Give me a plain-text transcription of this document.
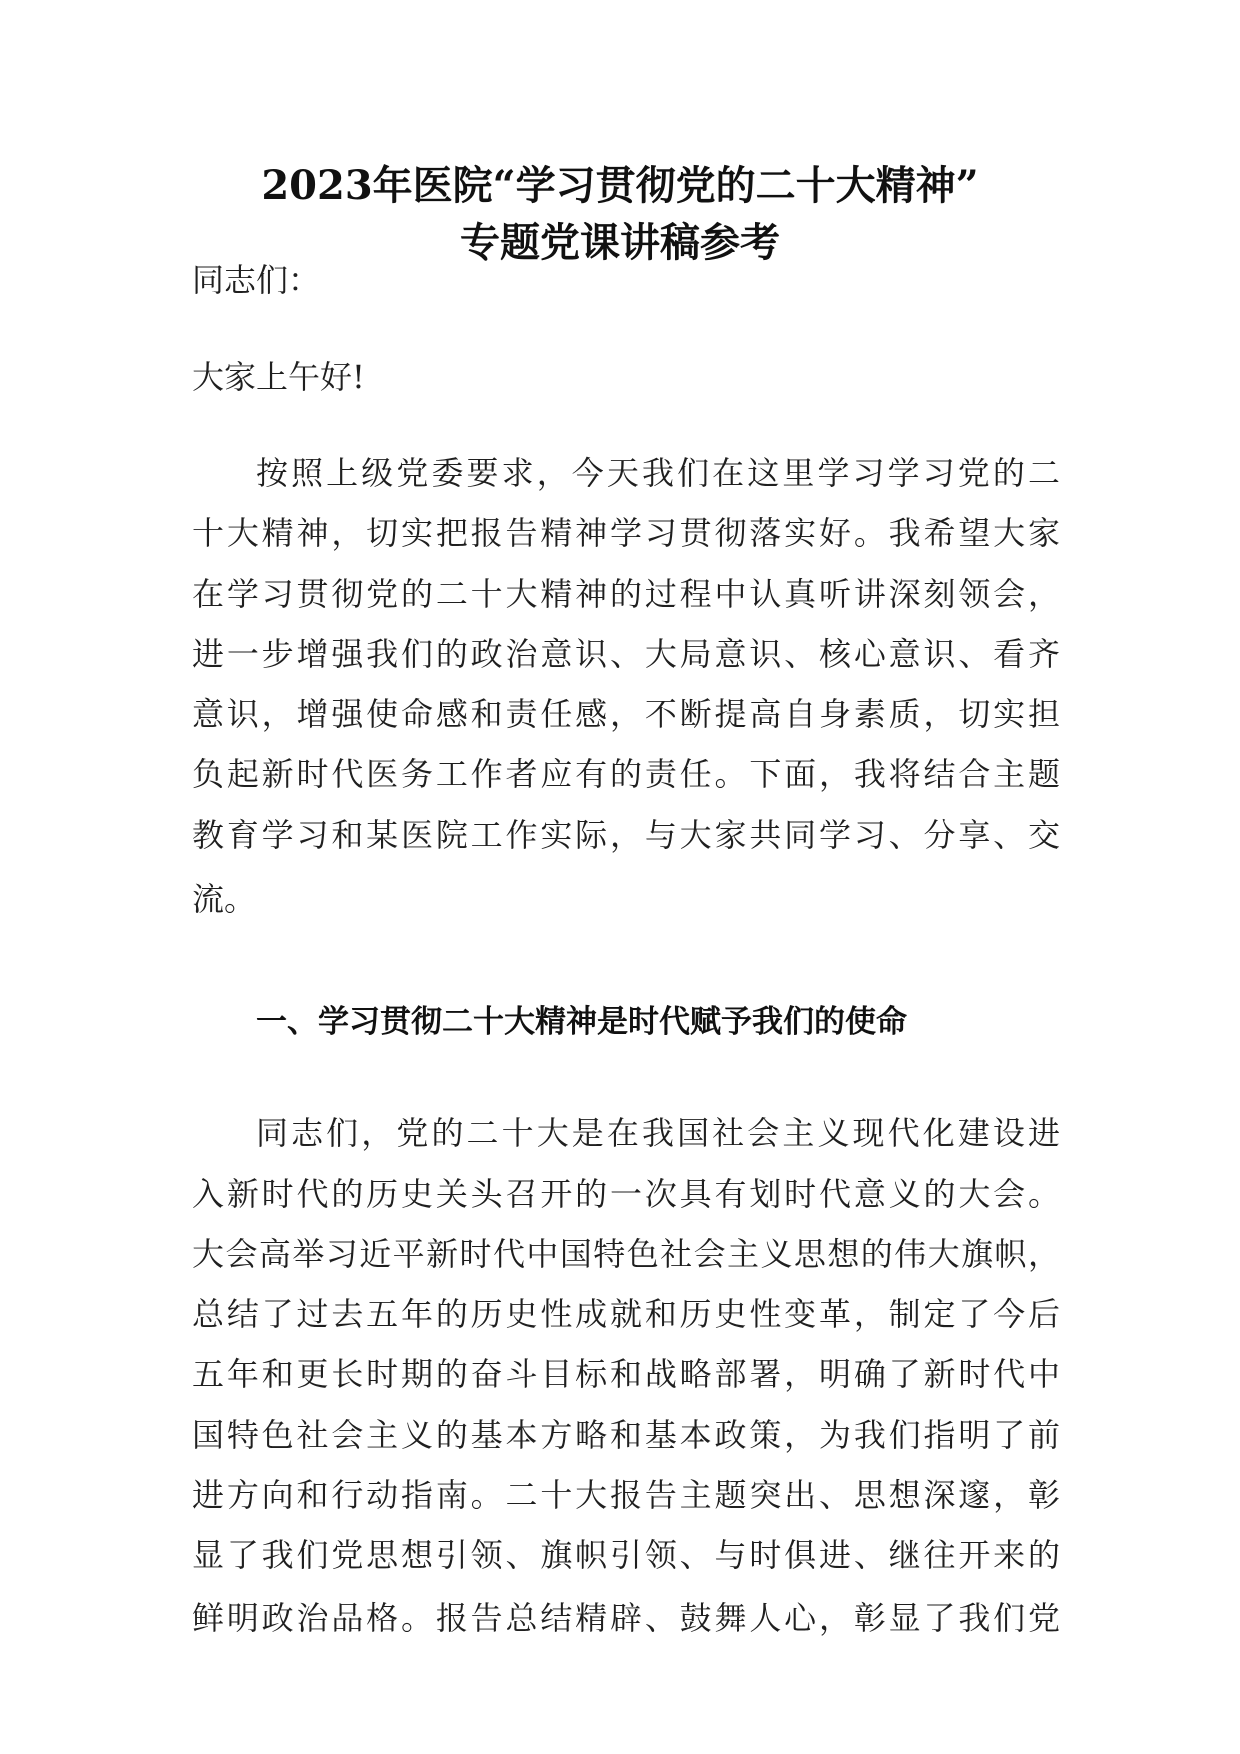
2023年医院“学习贯彻党的二十大精神”
专题党课讲稿参考
同志们：
大家上午好!
按照上级党委要求，今天我们在这里学习学习党的二
十大精神，切实把报告精神学习贯彻落实好。我希望大家
在学习贯彻党的二十大精神的过程中认真听讲深刻领会，
进一步增强我们的政治意识、大局意识、核心意识、看齐
意识，增强使命感和责任感，不断提高自身素质，切实担
负起新时代医务工作者应有的责任。下面，我将结合主题
教育学习和某医院工作实际，与大家共同学习、分享、交
流。
一、学习贯彻二十大精神是时代赋予我们的使命
同志们，党的二十大是在我国社会主义现代化建设进
入新时代的历史关头召开的一次具有划时代意义的大会。
大会高举习近平新时代中国特色社会主义思想的伟大旗帜，
总结了过去五年的历史性成就和历史性变革，制定了今后
五年和更长时期的奋斗目标和战略部署，明确了新时代中
国特色社会主义的基本方略和基本政策，为我们指明了前
进方向和行动指南。二十大报告主题突出、思想深邃，彰
显了我们党思想引领、旗帜引领、与时俱进、继往开来的
鲜明政治品格。报告总结精辟、鼓舞人心，彰显了我们党
